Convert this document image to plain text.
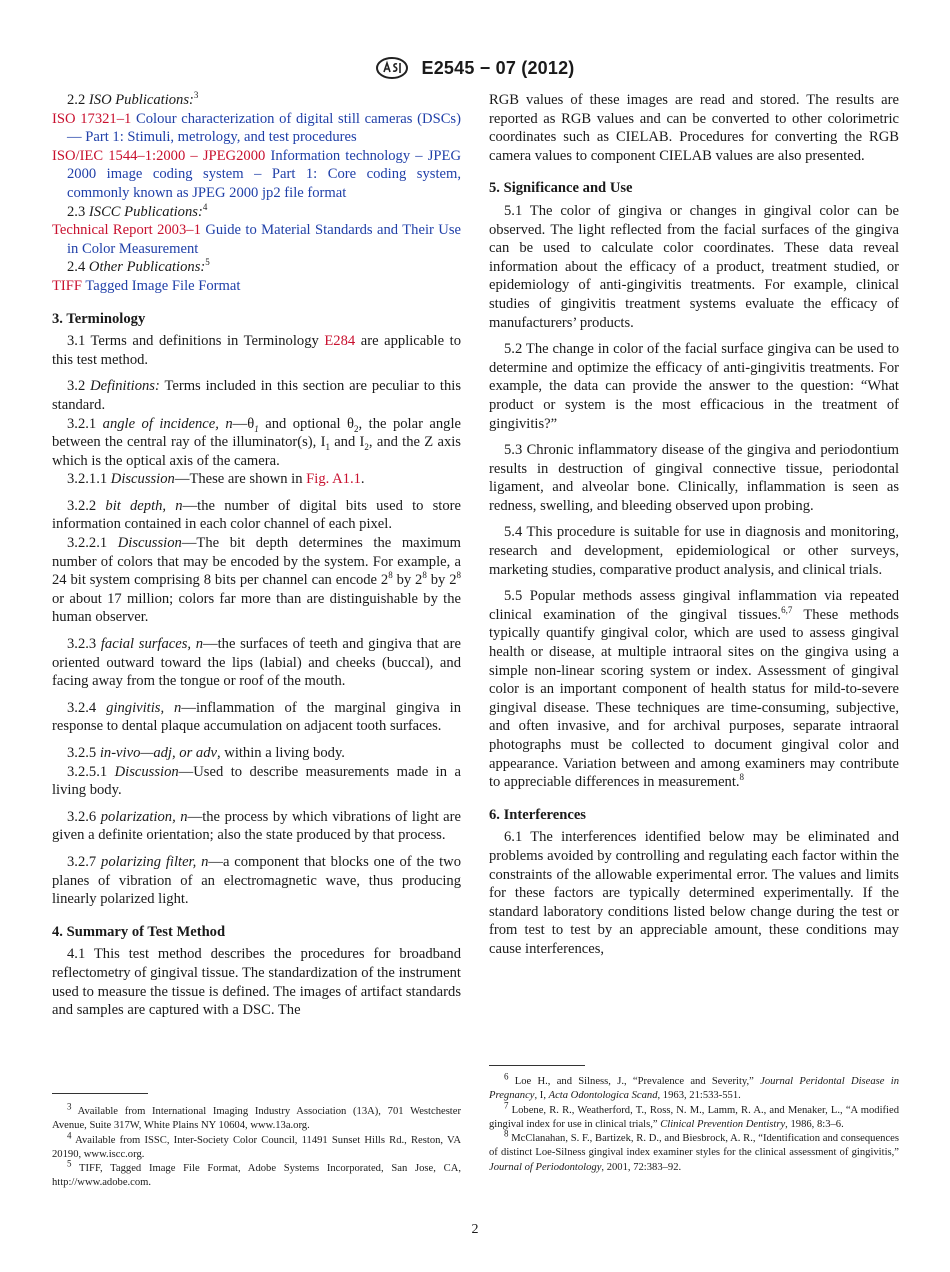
E2545 − 07 (2012)

2.2 ISO Publications:$^3$

ISO 17321–1 Colour characterization of digital still cameras (DSCs) — Part 1: Stimuli, metrology, and test procedures

ISO/IEC 1544–1:2000 – JPEG2000 Information technology – JPEG 2000 image coding system – Part 1: Core coding system, commonly known as JPEG 2000 jp2 file format

2.3 ISCC Publications:$^4$

Technical Report 2003–1 Guide to Material Standards and Their Use in Color Measurement

2.4 Other Publications:$^5$

TIFF Tagged Image File Format

3. Terminology

3.1 Terms and definitions in Terminology E284 are applicable to this test method.

3.2 Definitions: Terms included in this section are peculiar to this standard.

3.2.1 angle of incidence, $n—\theta_1$ and optional $\theta_2$, the polar angle between the central ray of the illuminator(s), $I_1$ and $I_2$, and the Z axis which is the optical axis of the camera.

3.2.1.1 Discussion—These are shown in Fig. A1.1.

3.2.2 bit depth, n—the number of digital bits used to store information contained in each color channel of each pixel.

3.2.2.1 Discussion—The bit depth determines the maximum number of colors that may be encoded by the system. For example, a 24 bit system comprising 8 bits per channel can encode $2^8$ by $2^8$ by $2^8$ or about 17 million; colors far more than are distinguishable by the human observer.

3.2.3 facial surfaces, n—the surfaces of teeth and gingiva that are oriented outward toward the lips (labial) and cheeks (buccal), and facing away from the tongue or roof of the mouth.

3.2.4 gingivitis, n—inflammation of the marginal gingiva in response to dental plaque accumulation on adjacent tooth surfaces.

3.2.5 in-vivo—adj, or adv, within a living body.

3.2.5.1 Discussion—Used to describe measurements made in a living body.

3.2.6 polarization, n—the process by which vibrations of light are given a definite orientation; also the state produced by that process.

3.2.7 polarizing filter, n—a component that blocks one of the two planes of vibration of an electromagnetic wave, thus producing linearly polarized light.

4. Summary of Test Method

4.1 This test method describes the procedures for broadband reflectometry of gingival tissue. The standardization of the instrument used to measure the tissue is defined. The images of artifact standards and samples are captured with a DSC. The

RGB values of these images are read and stored. The results are reported as RGB values and can be converted to other colorimetric coordinates such as CIELAB. Procedures for converting the RGB camera values to component CIELAB values are also presented.

5. Significance and Use

5.1 The color of gingiva or changes in gingival color can be observed. The light reflected from the facial surfaces of the gingiva can be used to calculate color coordinates. These data reveal information about the efficacy of a product, treatment studied, or epidemiology of anti-gingivitis treatments. For example, clinical studies of gingivitis treatment systems evaluate the efficacy of manufacturers’ products.

5.2 The change in color of the facial surface gingiva can be used to determine and optimize the efficacy of anti-gingivitis treatments. For example, the data can provide the answer to the question: “What product or system is the most efficacious in the treatment of gingivitis?”

5.3 Chronic inflammatory disease of the gingiva and periodontium results in destruction of gingival connective tissue, periodontal ligament, and alveolar bone. Clinically, inflammation is seen as redness, swelling, and bleeding observed upon probing.

5.4 This procedure is suitable for use in diagnosis and monitoring, research and development, epidemiological or other surveys, marketing studies, comparative product analysis, and clinical trials.

5.5 Popular methods assess gingival inflammation via repeated clinical examination of the gingival tissues.$^{6,7}$ These methods typically quantify gingival color, which are used to assess gingival health or disease, at multiple intraoral sites on the gingiva using a simple non-linear scoring system or index. Assessment of gingival color is an important component of health status for mild-to-severe gingival disease. These techniques are time-consuming, subjective, and often invasive, and for archival purposes, separate intraoral photographs must be collected to document gingival color and appearance. Variation between and among examiners may contribute to appreciable differences in measurement.$^8$

6. Interferences

6.1 The interferences identified below may be eliminated and problems avoided by controlling and regulating each factor within the constraints of the allowable experimental error. The values and limits for these factors are typically determined experimentally. If the standard laboratory conditions listed below change during the test or from test to test by an appreciable amount, these conditions may cause interferences,

$^3$ Available from International Imaging Industry Association (13A), 701 Westchester Avenue, Suite 317W, White Plains NY 10604, www.13a.org.

$^4$ Available from ISSC, Inter-Society Color Council, 11491 Sunset Hills Rd., Reston, VA 20190, www.iscc.org.

$^5$ TIFF, Tagged Image File Format, Adobe Systems Incorporated, San Jose, CA, http://www.adobe.com.

$^6$ Loe H., and Silness, J., “Prevalence and Severity,” Journal Peridontal Disease in Pregnancy, I, Acta Odontologica Scand, 1963, 21:533-551.

$^7$ Lobene, R. R., Weatherford, T., Ross, N. M., Lamm, R. A., and Menaker, L., “A modified gingival index for use in clinical trials,” Clinical Prevention Dentistry, 1986, 8:3–6.

$^8$ McClanahan, S. F., Bartizek, R. D., and Biesbrock, A. R., “Identification and consequences of distinct Loe-Silness gingival index examiner styles for the clinical assessment of gingivitis,” Journal of Periodontology, 2001, 72:383–92.

2
